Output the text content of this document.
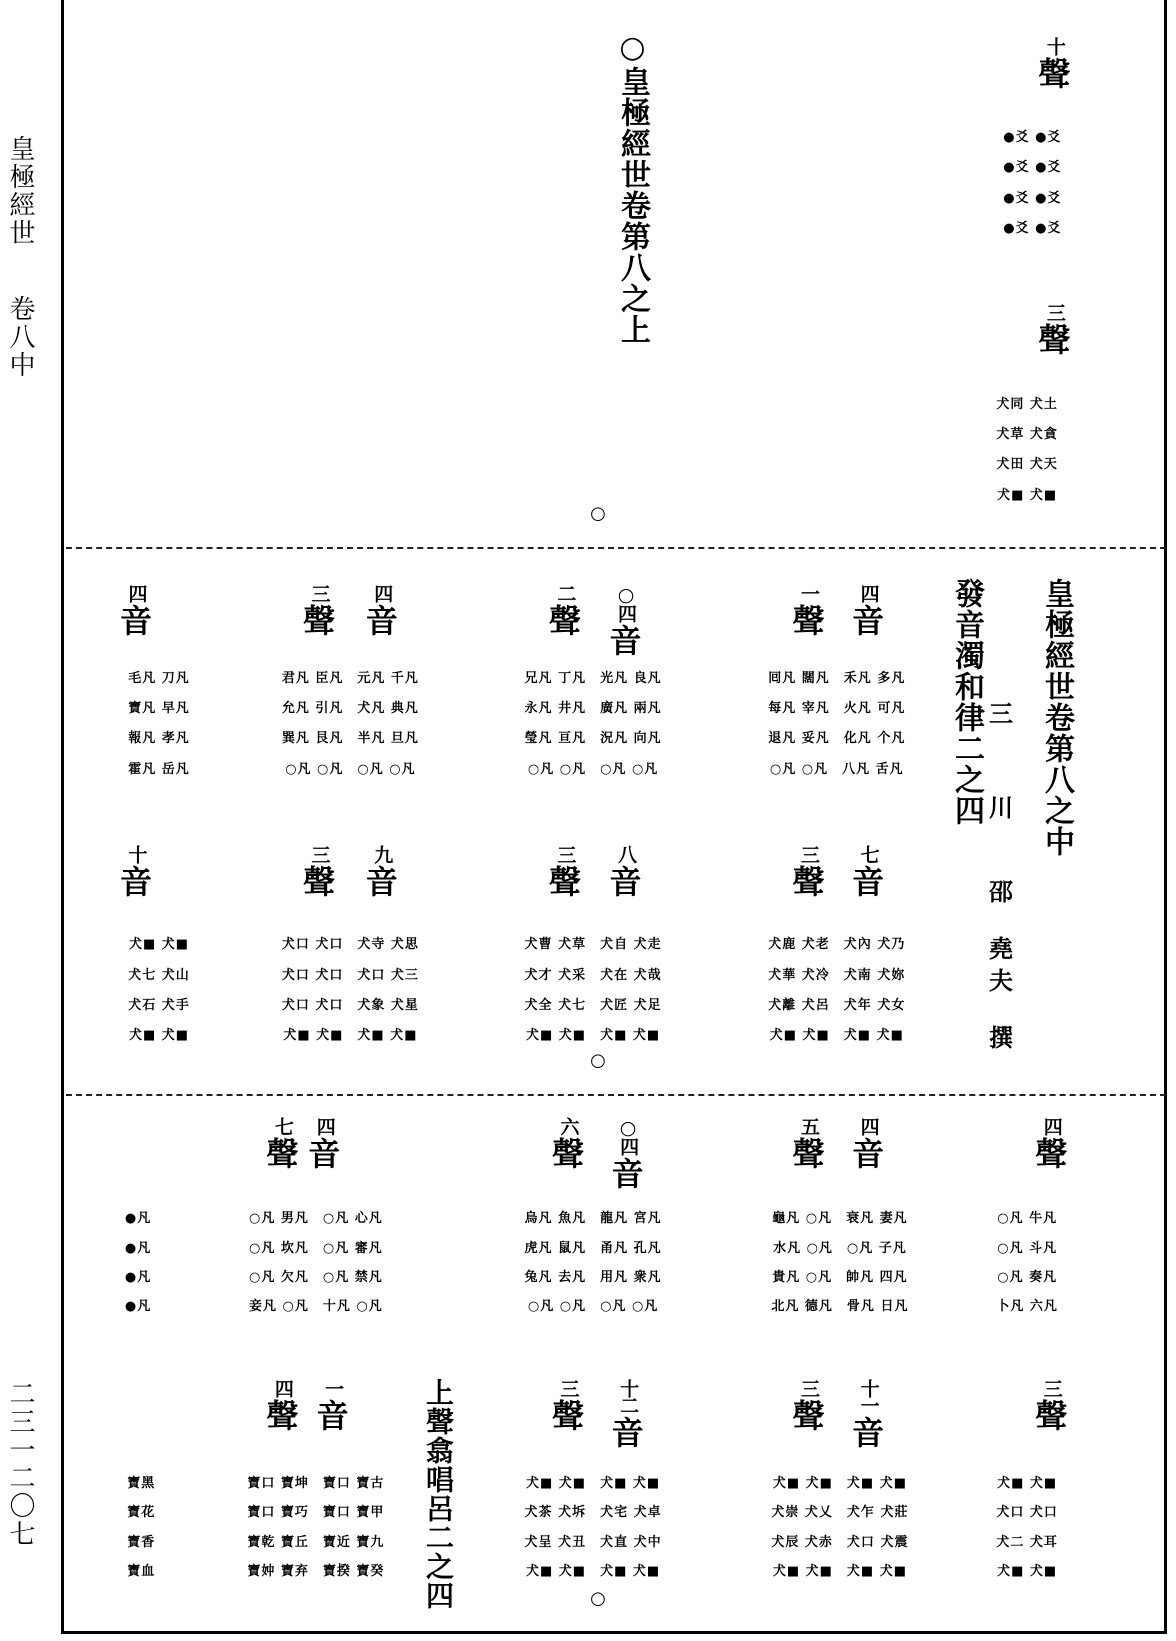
皇極經世
卷八中
二三一二〇七
○皇極經世卷第八之上
○
皇極經世卷第八之中
發音濁和律二之四
○
三
川
邵
堯
夫
撰
上聲翕唱呂二之四	○
十
聲
●爻 ●爻
●爻 ●爻
●爻 ●爻
●爻 ●爻
三
聲
犬同 犬土
犬草 犬貪
犬田 犬天
犬■ 犬■
四
音
一
聲
囘凡 闊凡　禾凡 多凡
每凡 宰凡　火凡 可凡
退凡 妥凡　化凡 个凡
○凡 ○凡　八凡 舌凡
○四
音
二
聲
兄凡 丁凡　光凡 良凡
永凡 井凡　廣凡 兩凡
瑩凡 亘凡　況凡 向凡
○凡 ○凡　○凡 ○凡
四
音
三
聲
君凡 臣凡　元凡 千凡
允凡 引凡　犬凡 典凡
巽凡 艮凡　半凡 旦凡
○凡 ○凡　○凡 ○凡
四
音
毛凡 刀凡
寶凡 早凡
報凡 孝凡
霍凡 岳凡
七
音
三
聲
犬鹿 犬老　犬內 犬乃
犬華 犬冷　犬南 犬妳
犬離 犬呂　犬年 犬女
犬■ 犬■　犬■ 犬■
八
音
三
聲
犬曹 犬草　犬自 犬走
犬才 犬采　犬在 犬哉
犬全 犬七　犬匠 犬足
犬■ 犬■　犬■ 犬■
九
音
三
聲
犬口 犬口　犬寺 犬思
犬口 犬口　犬口 犬三
犬口 犬口　犬象 犬星
犬■ 犬■　犬■ 犬■
十
音
犬■ 犬■
犬七 犬山
犬石 犬手
犬■ 犬■
四
聲
○凡 牛凡
○凡 斗凡
○凡 奏凡
卜凡 六凡
四
音
五
聲
龜凡 ○凡　衰凡 妻凡
水凡 ○凡　○凡 子凡
貴凡 ○凡　帥凡 四凡
北凡 德凡　骨凡 日凡
○四
音
六
聲
烏凡 魚凡　龍凡 宮凡
虎凡 鼠凡　甬凡 孔凡
兔凡 去凡　用凡 衆凡
○凡 ○凡　○凡 ○凡
四
音
七
聲
○凡 男凡　○凡 心凡
○凡 坎凡　○凡 審凡
○凡 欠凡　○凡 禁凡
妾凡 ○凡　十凡 ○凡
●凡
●凡
●凡
●凡
三
聲
犬■ 犬■
犬口 犬口
犬二 犬耳
犬■ 犬■
十一
音
三
聲
犬■ 犬■　犬■ 犬■
犬崇 犬乂　犬乍 犬莊
犬辰 犬赤　犬口 犬震
犬■ 犬■　犬■ 犬■
十二
音
三
聲
犬■ 犬■　犬■ 犬■
犬茶 犬坼　犬宅 犬卓
犬呈 犬丑　犬直 犬中
犬■ 犬■　犬■ 犬■
一
音
四
聲
寶口 寶坤　寶口 寶古
寶口 寶巧　寶口 寶甲
寶乾 寶丘　寶近 寶九
寶妕 寶弃　寶揆 寶癸
寶黑
寶花
寶香
寶血
